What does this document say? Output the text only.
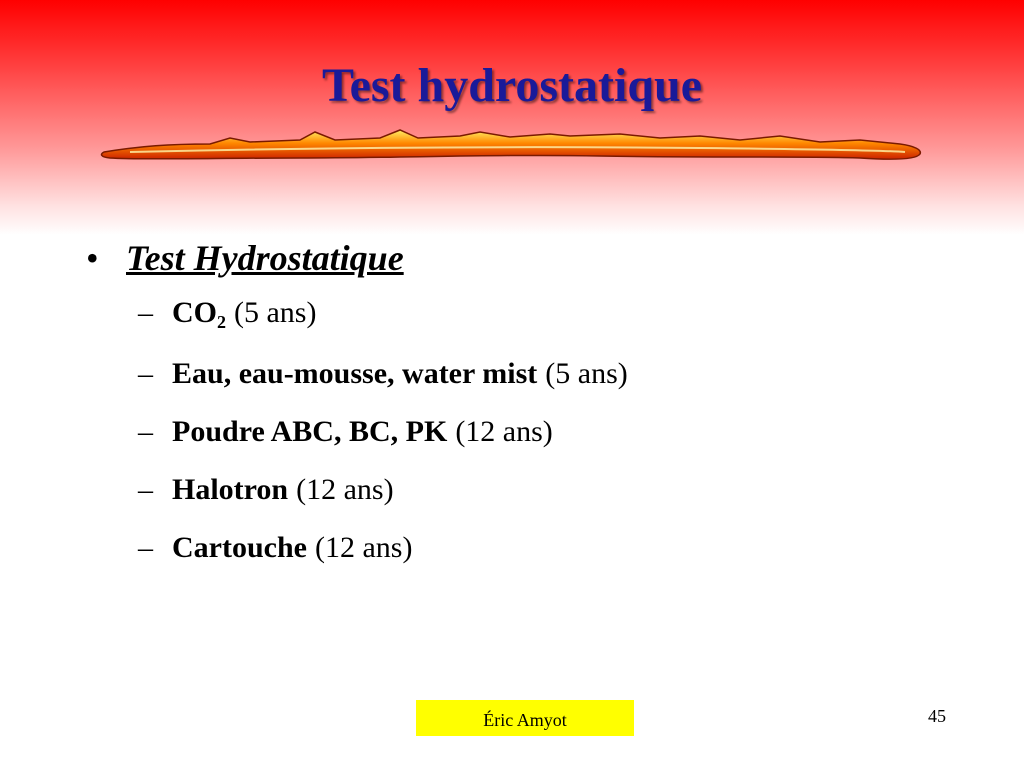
Test hydrostatique
• Test Hydrostatique
– $CO_2$ (5 ans)
– Eau, eau-mousse, water mist (5 ans)
– Poudre ABC, BC, PK (12 ans)
– Halotron (12 ans)
– Cartouche (12 ans)
Éric Amyot	45
